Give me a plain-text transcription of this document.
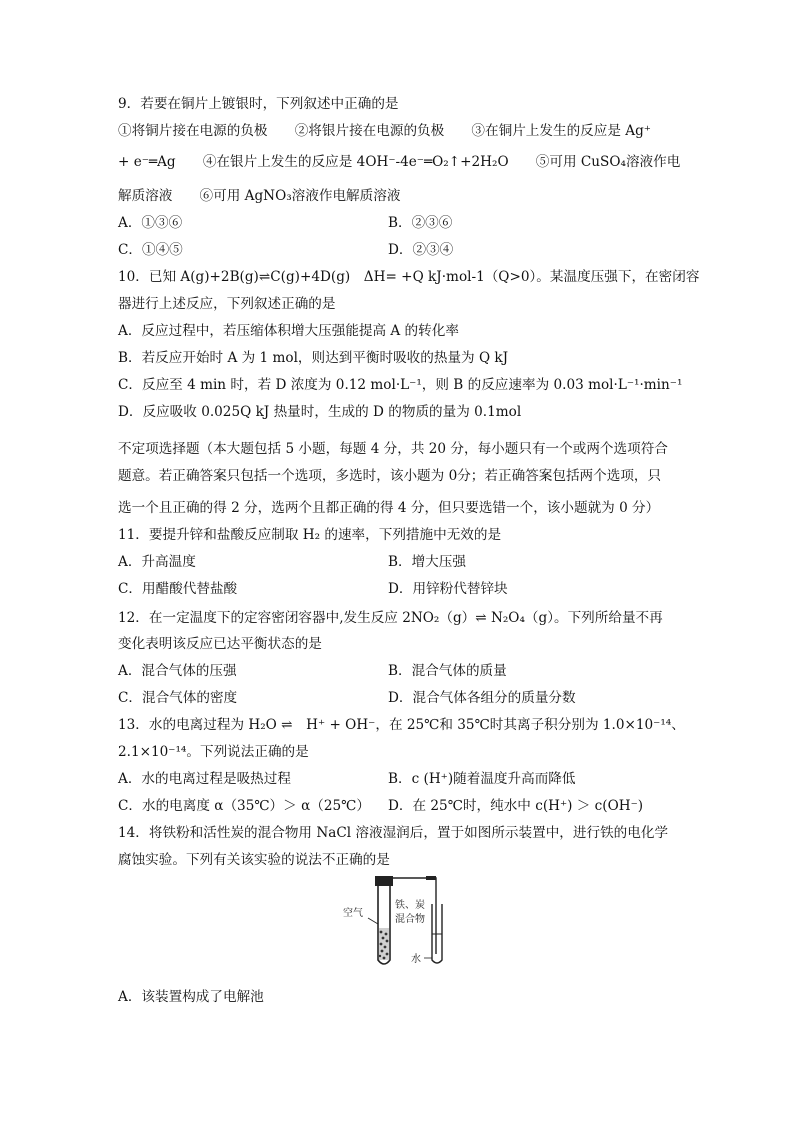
9．若要在铜片上镀银时，下列叙述中正确的是
①将铜片接在电源的负极　　②将银片接在电源的负极　　③在铜片上发生的反应是 Ag⁺
+ e⁻═Ag　　④在银片上发生的反应是 4OH⁻-4e⁻═O₂↑+2H₂O　　⑤可用 CuSO₄溶液作电
解质溶液　　⑥可用 AgNO₃溶液作电解质溶液
A．①③⑥	B．②③⑥
C．①④⑤	D．②③④
10．已知 A(g)+2B(g)⇌C(g)+4D(g)　ΔH= +Q kJ·mol-1（Q>0）。某温度压强下，在密闭容
器进行上述反应，下列叙述正确的是
A．反应过程中，若压缩体积增大压强能提高 A 的转化率
B．若反应开始时 A 为 1 mol，则达到平衡时吸收的热量为 Q kJ
C．反应至 4 min 时，若 D 浓度为 0.12 mol·L⁻¹，则 B 的反应速率为 0.03 mol·L⁻¹·min⁻¹
D．反应吸收 0.025Q kJ 热量时，生成的 D 的物质的量为 0.1mol
不定项选择题（本大题包括 5 小题，每题 4 分，共 20 分，每小题只有一个或两个选项符合
题意。若正确答案只包括一个选项，多选时，该小题为 0分；若正确答案包括两个选项，只
选一个且正确的得 2 分，选两个且都正确的得 4 分，但只要选错一个，该小题就为 0 分）
11．要提升锌和盐酸反应制取 H₂ 的速率，下列措施中无效的是
A．升高温度	B．增大压强
C．用醋酸代替盐酸	D．用锌粉代替锌块
12．在一定温度下的定容密闭容器中,发生反应 2NO₂（g）⇌ N₂O₄（g）。下列所给量不再
变化表明该反应已达平衡状态的是
A．混合气体的压强	B．混合气体的质量
C．混合气体的密度	D．混合气体各组分的质量分数
13．水的电离过程为 H₂O ⇌　H⁺ + OH⁻，在 25℃和 35℃时其离子积分别为 1.0×10⁻¹⁴、
2.1×10⁻¹⁴。下列说法正确的是
A．水的电离过程是吸热过程	B．c (H⁺)随着温度升高而降低
C．水的电离度 α（35℃）＞ α（25℃） D．在 25℃时，纯水中 c(H⁺) ＞ c(OH⁻)
14．将铁粉和活性炭的混合物用 NaCl 溶液湿润后，置于如图所示装置中，进行铁的电化学
腐蚀实验。下列有关该实验的说法不正确的是
空气
铁、炭
混合物
水
A．该装置构成了电解池
